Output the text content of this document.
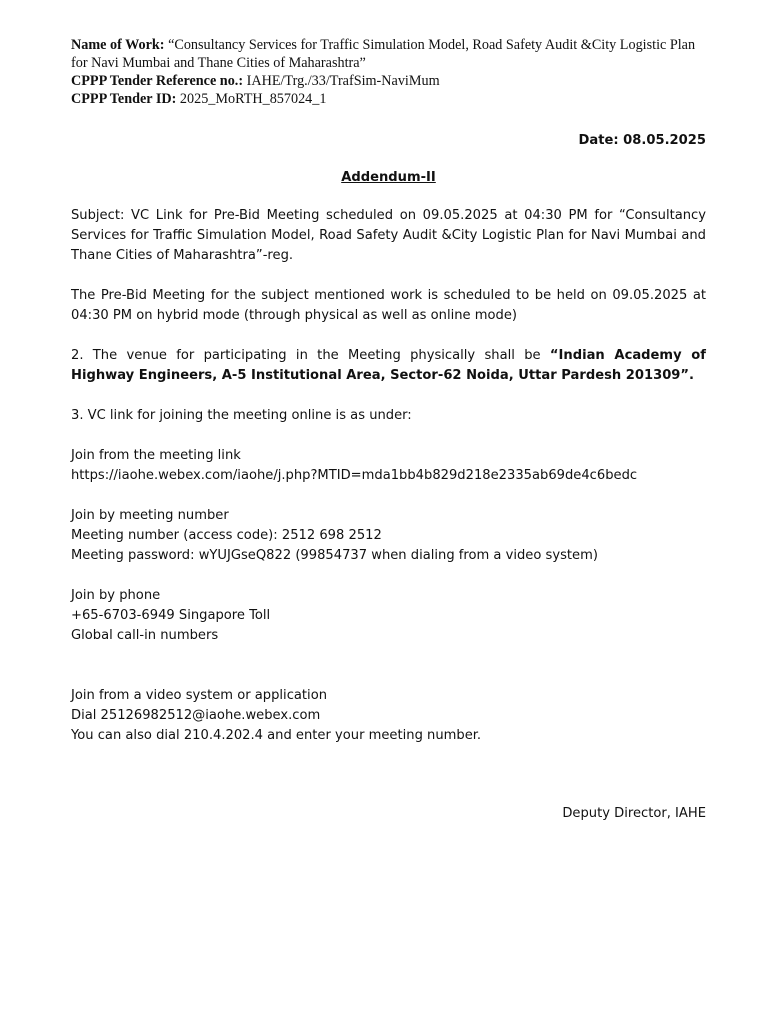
Name of Work: “Consultancy Services for Traffic Simulation Model, Road Safety Audit &City Logistic Plan for Navi Mumbai and Thane Cities of Maharashtra”

CPPP Tender Reference no.: IAHE/Trg./33/TrafSim-NaviMum

CPPP Tender ID: 2025_MoRTH_857024_1

Date: 08.05.2025

Addendum-II

Subject: VC Link for Pre-Bid Meeting scheduled on 09.05.2025 at 04:30 PM for “Consultancy Services for Traffic Simulation Model, Road Safety Audit &City Logistic Plan for Navi Mumbai and Thane Cities of Maharashtra”-reg.

The Pre-Bid Meeting for the subject mentioned work is scheduled to be held on 09.05.2025 at 04:30 PM on hybrid mode (through physical as well as online mode)

2. The venue for participating in the Meeting physically shall be “Indian Academy of Highway Engineers, A-5 Institutional Area, Sector-62 Noida, Uttar Pardesh 201309”.

3. VC link for joining the meeting online is as under:

Join from the meeting link

https://iaohe.webex.com/iaohe/j.php?MTID=mda1bb4b829d218e2335ab69de4c6bedc

Join by meeting number

Meeting number (access code): 2512 698 2512

Meeting password: wYUJGseQ822 (99854737 when dialing from a video system)

Join by phone

+65-6703-6949 Singapore Toll

Global call-in numbers

Join from a video system or application

Dial 25126982512@iaohe.webex.com

You can also dial 210.4.202.4 and enter your meeting number.

Deputy Director, IAHE
